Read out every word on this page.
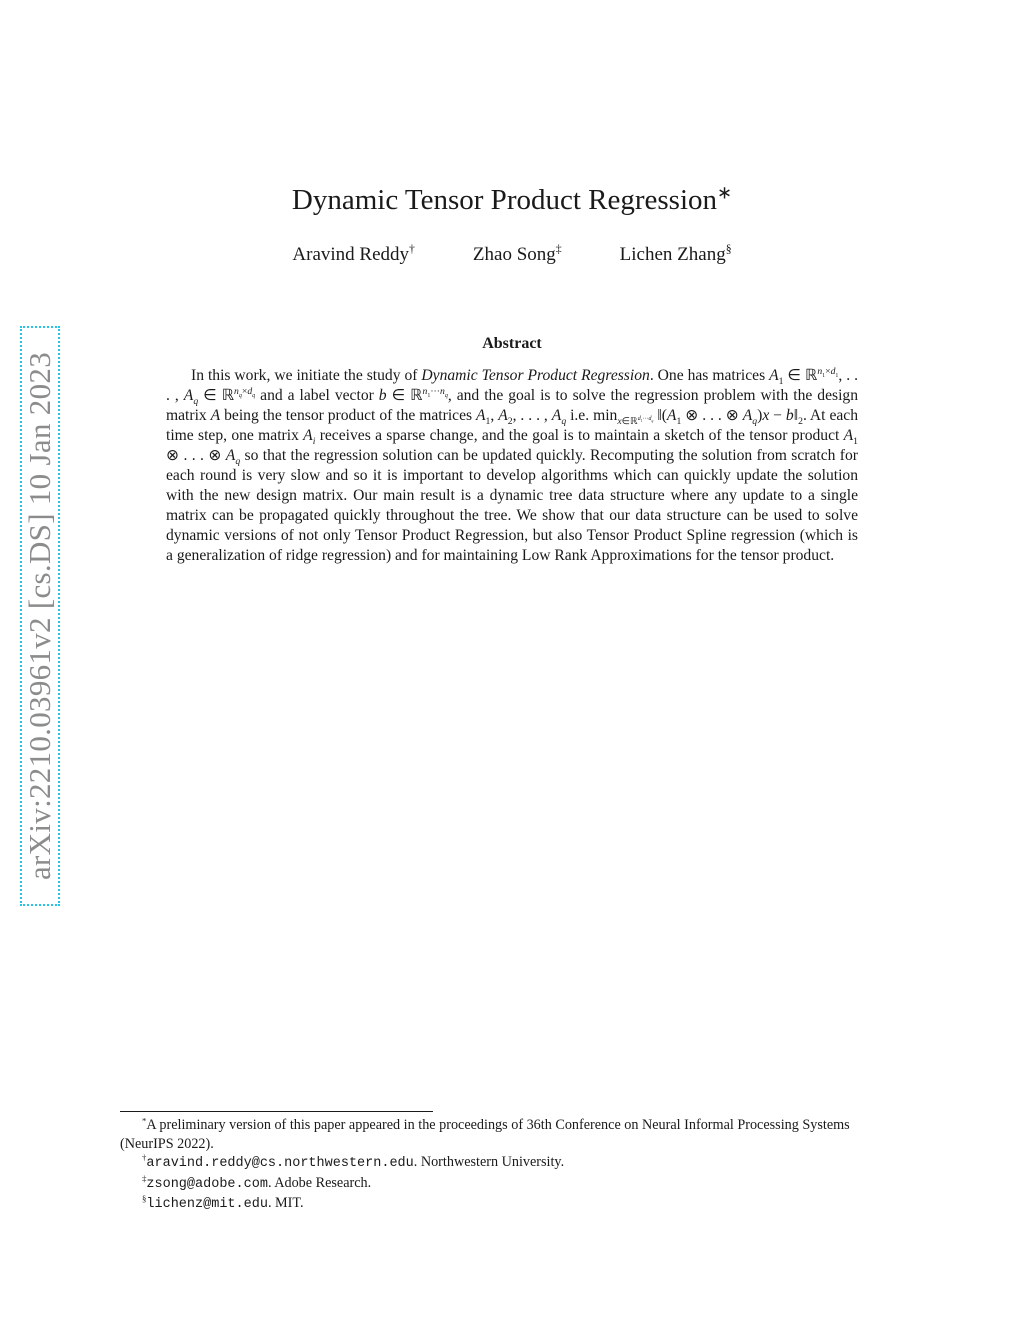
arXiv:2210.03961v2 [cs.DS] 10 Jan 2023
Dynamic Tensor Product Regression∗
Aravind Reddy†	Zhao Song‡	Lichen Zhang§
Abstract

In this work, we initiate the study of Dynamic Tensor Product Regression. One has matrices $A_1$ ∈ ℝ$^{n_1\times d_1}$, . . . , $A_q$ ∈ ℝ$^{n_q\times d_q}$ and a label vector b ∈ ℝ$^{n_1\cdot\cdot\cdot n_q}$, and the goal is to solve the regression problem with the design matrix A being the tensor product of the matrices $A_1$, $A_2$, . . . , $A_q$ i.e. $\min_{x\in ℝ^{d_1\cdot\cdot\cdot d_q}}$ $‖(A_1$ ⊗ . . . ⊗ $A_q)x$ − $b‖_2$. At each time step, one matrix $A_i$ receives a sparse change, and the goal is to maintain a sketch of the tensor product $A_1$ ⊗ . . . ⊗ $A_q$ so that the regression solution can be updated quickly. Recomputing the solution from scratch for each round is very slow and so it is important to develop algorithms which can quickly update the solution with the new design matrix. Our main result is a dynamic tree data structure where any update to a single matrix can be propagated quickly throughout the tree. We show that our data structure can be used to solve dynamic versions of not only Tensor Product Regression, but also Tensor Product Spline regression (which is a generalization of ridge regression) and for maintaining Low Rank Approximations for the tensor product.

*A preliminary version of this paper appeared in the proceedings of 36th Conference on Neural Informal Processing Systems (NeurIPS 2022).

†aravind.reddy@cs.northwestern.edu. Northwestern University.

‡zsong@adobe.com. Adobe Research.

§lichenz@mit.edu. MIT.
